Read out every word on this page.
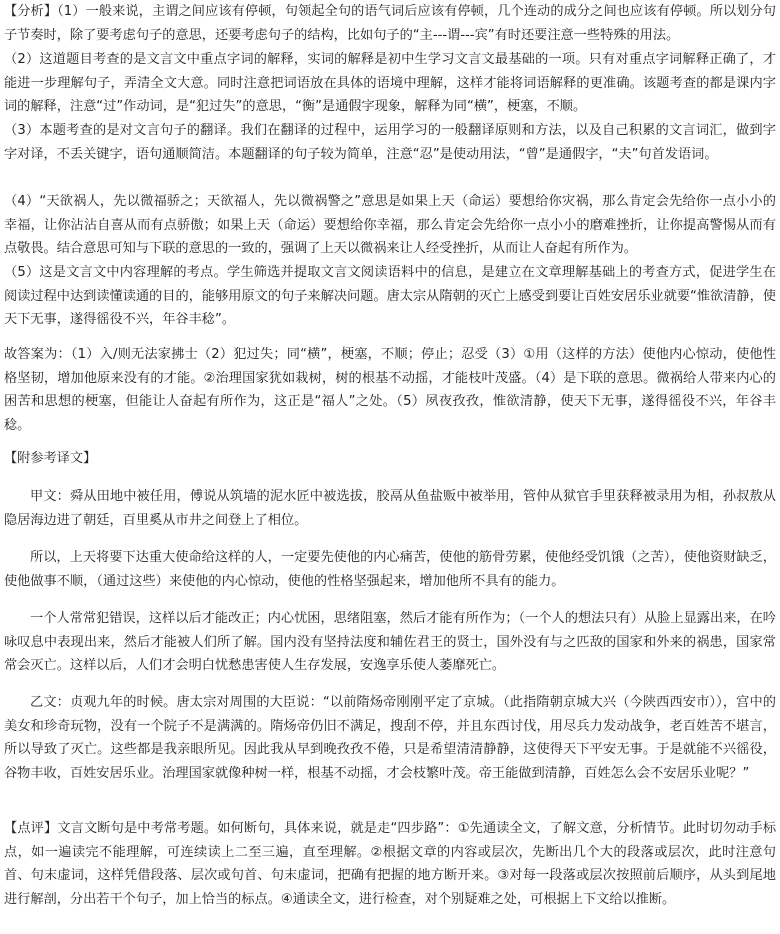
【分析】（1）一般来说，主谓之间应该有停顿，句领起全句的语气词后应该有停顿，几个连动的成分之间也应该有停顿。所以划分句子节奏时，除了要考虑句子的意思，还要考虑句子的结构，比如句子的“主---谓---宾”有时还要注意一些特殊的用法。
（2）这道题目考查的是文言文中重点字词的解释，实词的解释是初中生学习文言文最基础的一项。只有对重点字词解释正确了，才能进一步理解句子，弄清全文大意。同时注意把词语放在具体的语境中理解，这样才能将词语解释的更准确。该题考查的都是课内字词的解释，注意“过”作动词，是“犯过失”的意思，“衡”是通假字现象，解释为同“横”，梗塞，不顺。
（3）本题考查的是对文言句子的翻译。我们在翻译的过程中，运用学习的一般翻译原则和方法，以及自己积累的文言词汇，做到字字对译，不丢关键字，语句通顺简洁。本题翻译的句子较为简单，注意“忍”是使动用法，“曾”是通假字，“夫”句首发语词。
（4）“天欲祸人，先以微福骄之；天欲福人，先以微祸警之”意思是如果上天（命运）要想给你灾祸，那么肯定会先给你一点小小的幸福，让你沾沾自喜从而有点骄傲；如果上天（命运）要想给你幸福，那么肯定会先给你一点小小的磨难挫折，让你提高警惕从而有点敬畏。结合意思可知与下联的意思的一致的，强调了上天以微祸来让人经受挫折，从而让人奋起有所作为。
（5）这是文言文中内容理解的考点。学生筛选并提取文言文阅读语料中的信息，是建立在文章理解基础上的考查方式，促进学生在阅读过程中达到读懂读通的目的，能够用原文的句子来解决问题。唐太宗从隋朝的灭亡上感受到要让百姓安居乐业就要“惟欲清静，使天下无事，遂得徭役不兴，年谷丰稔”。
故答案为：（1）入/则无法家拂士（2）犯过失；同“横”，梗塞，不顺；停止；忍受（3）①用（这样的方法）使他内心惊动，使他性格坚韧，增加他原来没有的才能。②治理国家犹如栽树，树的根基不动摇，才能枝叶茂盛。（4）是下联的意思。微祸给人带来内心的困苦和思想的梗塞，但能让人奋起有所作为，这正是“福人”之处。（5）夙夜孜孜，惟欲清静，使天下无事，遂得徭役不兴，年谷丰稔。
【附参考译文】
甲文：舜从田地中被任用，傅说从筑墙的泥水匠中被选拔，胶鬲从鱼盐贩中被举用，管仲从狱官手里获释被录用为相，孙叔敖从隐居海边进了朝廷，百里奚从市井之间登上了相位。
所以，上天将要下达重大使命给这样的人，一定要先使他的内心痛苦，使他的筋骨劳累，使他经受饥饿（之苦），使他资财缺乏，使他做事不顺，（通过这些）来使他的内心惊动，使他的性格坚强起来，增加他所不具有的能力。
一个人常常犯错误，这样以后才能改正；内心忧困，思绪阻塞，然后才能有所作为；（一个人的想法只有）从脸上显露出来，在吟咏叹息中表现出来，然后才能被人们所了解。国内没有坚持法度和辅佐君王的贤士，国外没有与之匹敌的国家和外来的祸患，国家常常会灭亡。这样以后，人们才会明白忧愁患害使人生存发展，安逸享乐使人萎靡死亡。
乙文：贞观九年的时候。唐太宗对周围的大臣说：“以前隋炀帝刚刚平定了京城。（此指隋朝京城大兴（今陕西西安市）），宫中的美女和珍奇玩物，没有一个院子不是满满的。隋炀帝仍旧不满足，搜刮不停，并且东西讨伐，用尽兵力发动战争，老百姓苦不堪言，所以导致了灭亡。这些都是我亲眼所见。因此我从早到晚孜孜不倦，只是希望清清静静，这使得天下平安无事。于是就能不兴徭役，谷物丰收，百姓安居乐业。治理国家就像种树一样，根基不动摇，才会枝繁叶茂。帝王能做到清静，百姓怎么会不安居乐业呢？”
【点评】文言文断句是中考常考题。如何断句，具体来说，就是走“四步路”：①先通读全文，了解文意，分析情节。此时切勿动手标点，如一遍读完不能理解，可连续读上二至三遍，直至理解。②根据文章的内容或层次，先断出几个大的段落或层次，此时注意句首、句末虚词，这样凭借段落、层次或句首、句末虚词，把确有把握的地方断开来。③对每一段落或层次按照前后顺序，从头到尾地进行解剖，分出若干个句子，加上恰当的标点。④通读全文，进行检查，对个别疑难之处，可根据上下文给以推断。
